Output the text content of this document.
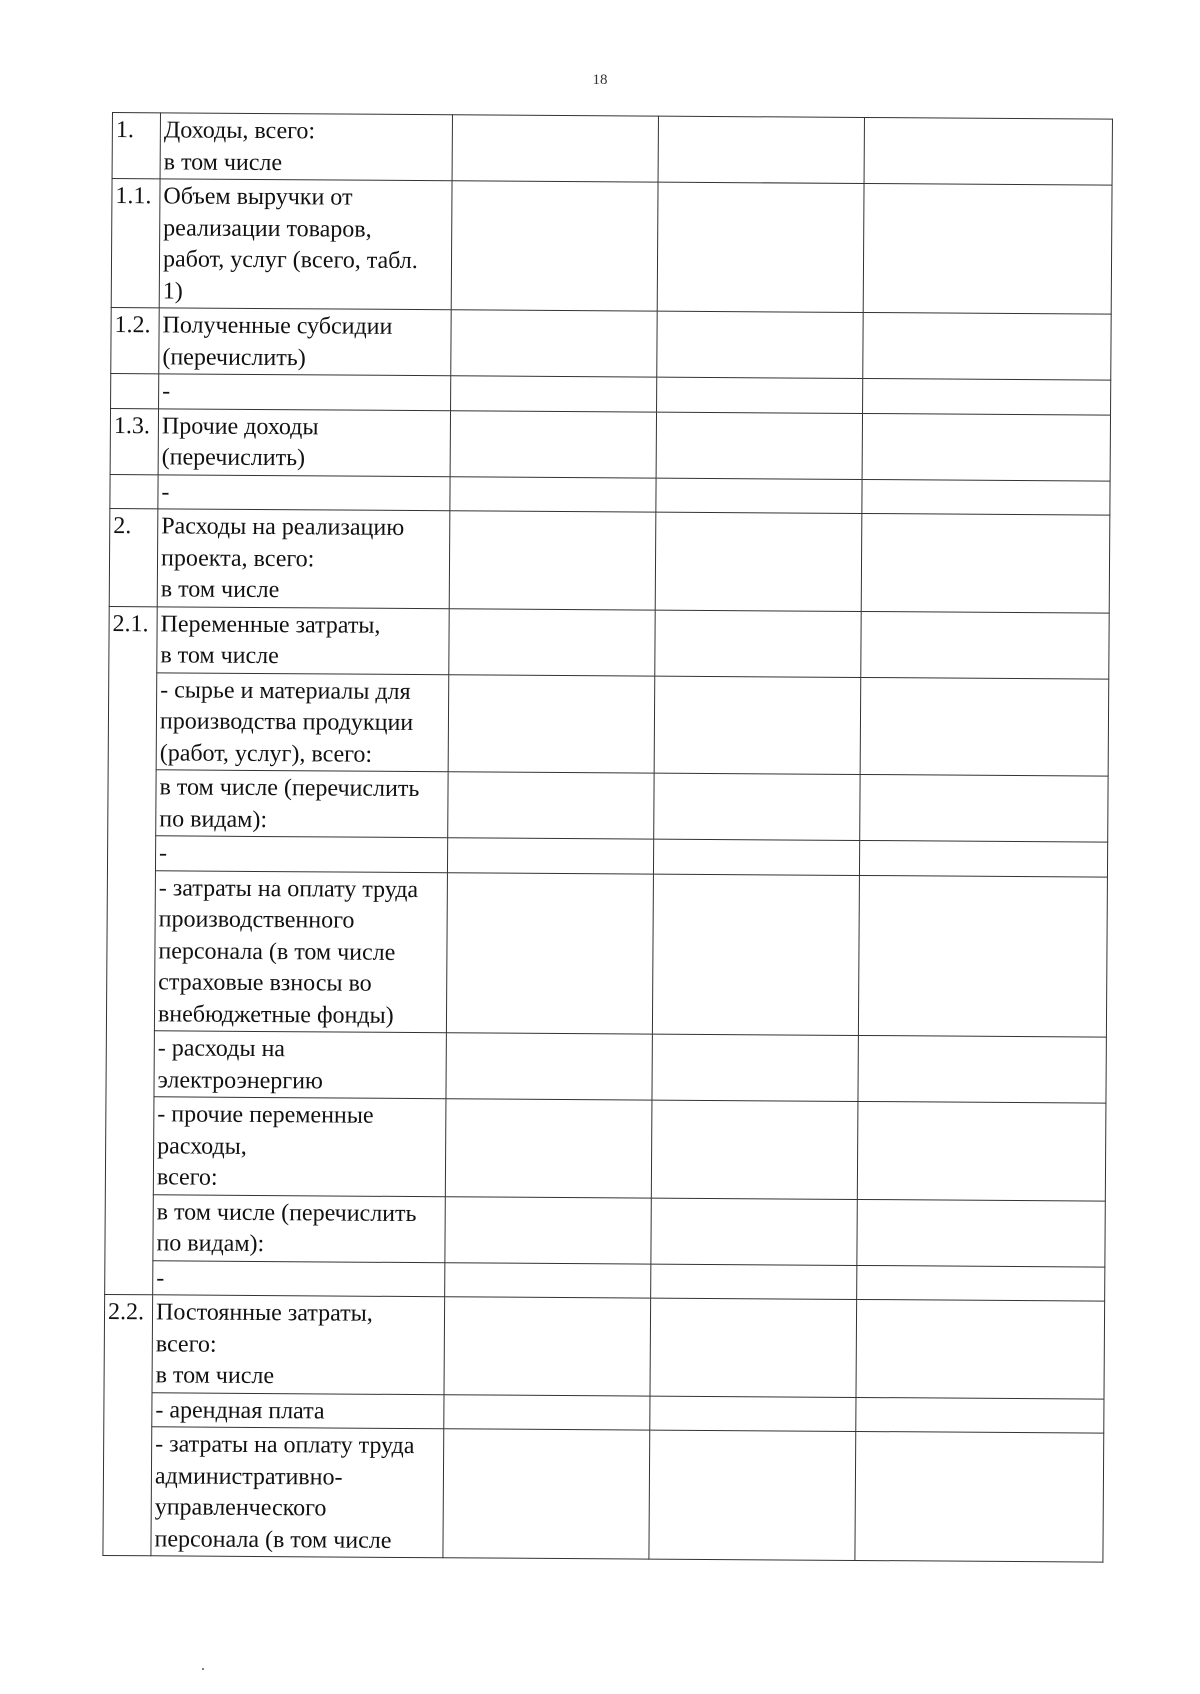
18
1.	Доходы, всего:
в том числе			
1.1.	Объем выручки от
реализации товаров,
работ, услуг (всего, табл.
1)			
1.2.	Полученные субсидии
(перечислить)			
	-			
1.3.	Прочие доходы
(перечислить)			
	-			
2.	Расходы на реализацию
проекта, всего:
в том числе			
2.1.	Переменные затраты,
в том числе			
	- сырье и материалы для
производства продукции
(работ, услуг), всего:			
	в том числе (перечислить
по видам):			
	-			
	- затраты на оплату труда
производственного
персонала (в том числе
страховые взносы во
внебюджетные фонды)			
	- расходы на
электроэнергию			
	- прочие переменные
расходы,
всего:			
	в том числе (перечислить
по видам):			
	-			
2.2.	Постоянные затраты,
всего:
в том числе			
	- арендная плата			
	- затраты на оплату труда
административно-
управленческого
персонала (в том числе			
